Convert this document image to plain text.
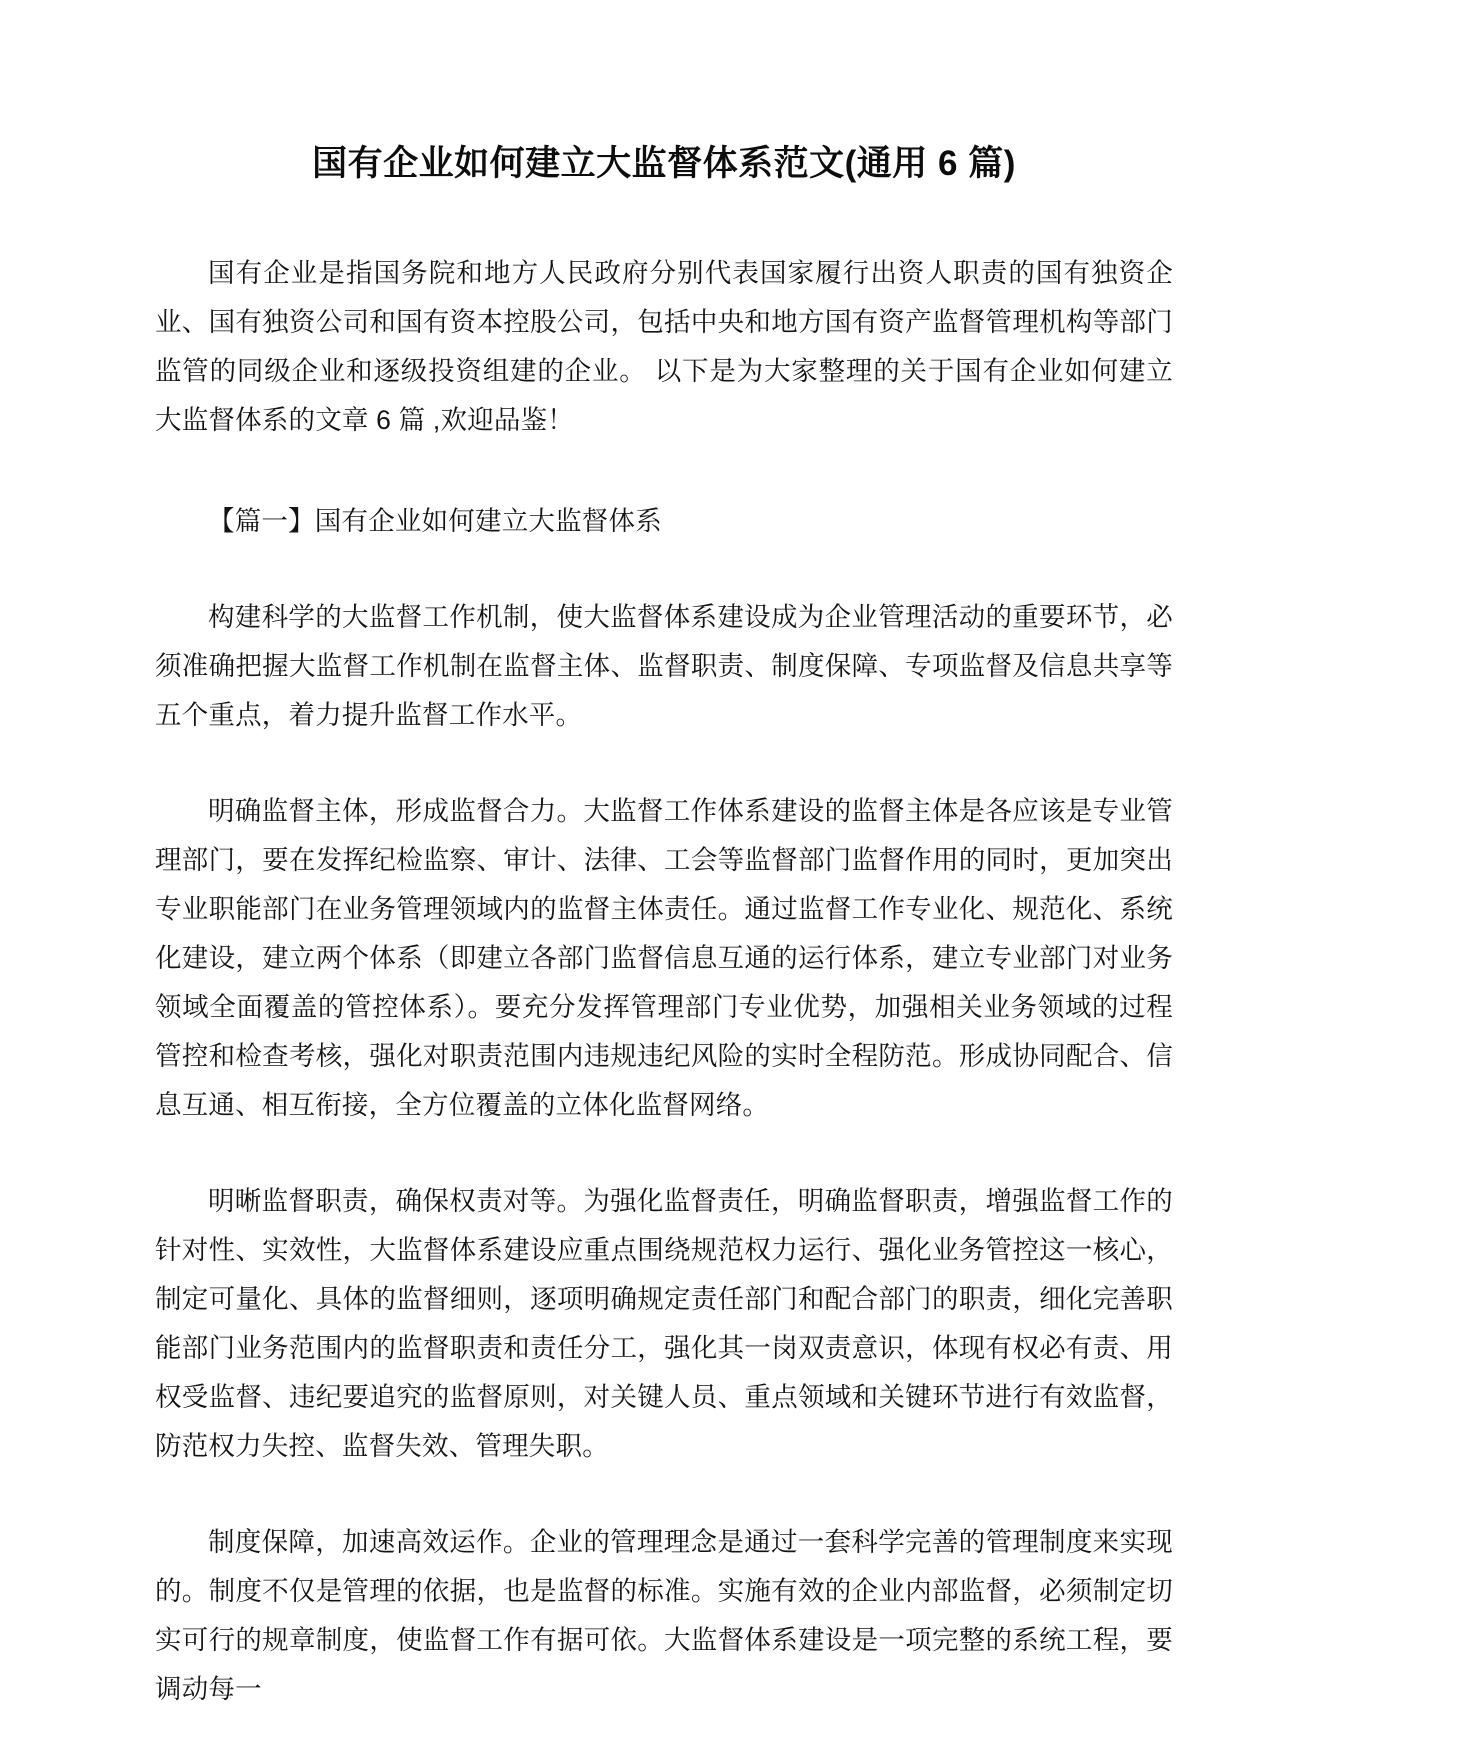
国有企业如何建立大监督体系范文(通用 6 篇)

国有企业是指国务院和地方人民政府分别代表国家履行出资人职责的国有独资企业、国有独资公司和国有资本控股公司，包括中央和地方国有资产监督管理机构等部门监管的同级企业和逐级投资组建的企业。 以下是为大家整理的关于国有企业如何建立大监督体系的文章 6 篇 ,欢迎品鉴！

【篇一】国有企业如何建立大监督体系

构建科学的大监督工作机制，使大监督体系建设成为企业管理活动的重要环节，必须准确把握大监督工作机制在监督主体、监督职责、制度保障、专项监督及信息共享等五个重点，着力提升监督工作水平。

明确监督主体，形成监督合力。大监督工作体系建设的监督主体是各应该是专业管理部门，要在发挥纪检监察、审计、法律、工会等监督部门监督作用的同时，更加突出专业职能部门在业务管理领域内的监督主体责任。通过监督工作专业化、规范化、系统化建设，建立两个体系（即建立各部门监督信息互通的运行体系，建立专业部门对业务领域全面覆盖的管控体系）。要充分发挥管理部门专业优势，加强相关业务领域的过程管控和检查考核，强化对职责范围内违规违纪风险的实时全程防范。形成协同配合、信息互通、相互衔接，全方位覆盖的立体化监督网络。

明晰监督职责，确保权责对等。为强化监督责任，明确监督职责，增强监督工作的针对性、实效性，大监督体系建设应重点围绕规范权力运行、强化业务管控这一核心，制定可量化、具体的监督细则，逐项明确规定责任部门和配合部门的职责，细化完善职能部门业务范围内的监督职责和责任分工，强化其一岗双责意识，体现有权必有责、用权受监督、违纪要追究的监督原则，对关键人员、重点领域和关键环节进行有效监督，防范权力失控、监督失效、管理失职。

制度保障，加速高效运作。企业的管理理念是通过一套科学完善的管理制度来实现的。制度不仅是管理的依据，也是监督的标准。实施有效的企业内部监督，必须制定切实可行的规章制度，使监督工作有据可依。大监督体系建设是一项完整的系统工程，要调动每一
